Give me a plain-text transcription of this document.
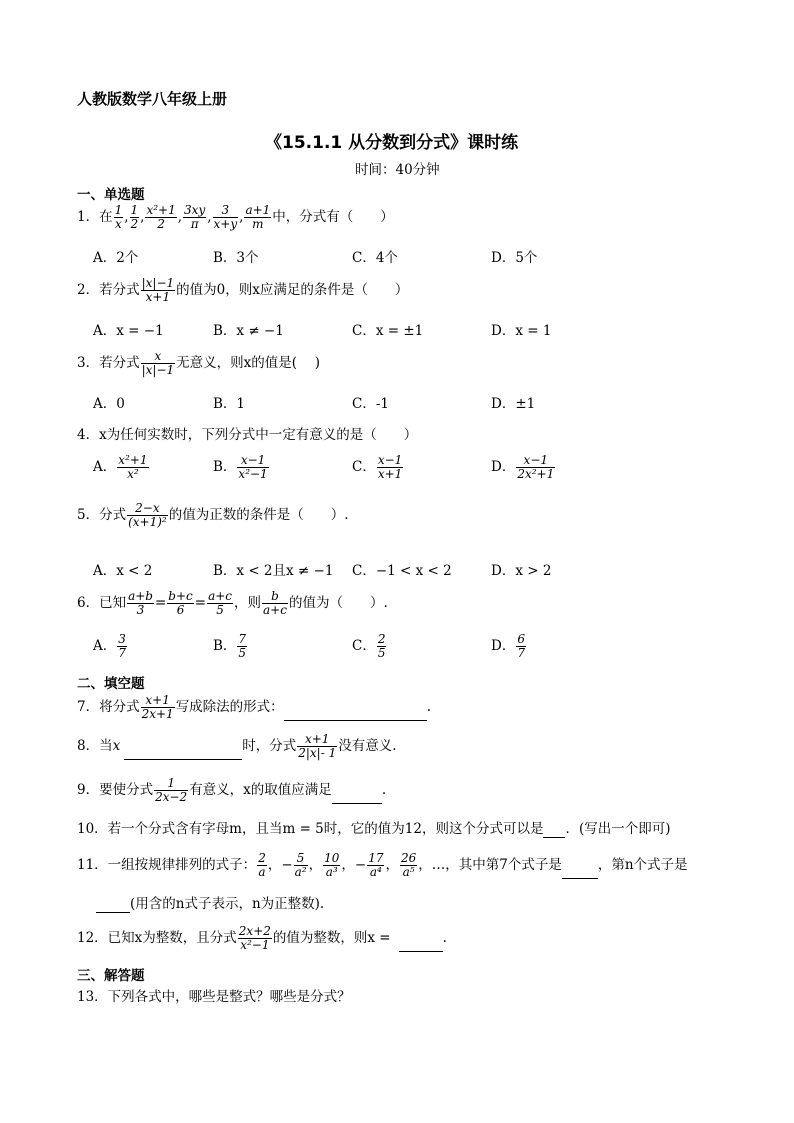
人教版数学八年级上册
《15.1.1 从分数到分式》课时练
时间：40分钟
一、单选题
1．在 $\frac{1}{x}$ , $\frac{1}{2}$ , $\frac{\text{x²+1}}{2}$ , $\frac{3xy}{\pi}$ , $\frac{3}{x+y}$ , $\frac{a+1}{m}$ 中，分式有（　　）
A．2个	B．3个	C．4个	D．5个
2．若分式 $\frac{|x|-1}{x+1}$ 的值为0，则x应满足的条件是（　　）
A．x = −1	B．x ≠ −1	C．x = ±1	D．x = 1
3．若分式 $\frac{x}{|x|-1}$ 无意义，则x的值是(　 )
A．0	B．1	C．-1	D．±1
4．x为任何实数时，下列分式中一定有意义的是（　　）
A． $\frac{\text{x²+1}}{\text{x²}}$	B． $\frac{x-1}{\text{x²−1}}$	C． $\frac{x-1}{x+1}$	D． $\frac{x-1}{\text{2x²+1}}$
5．分式 $\frac{2-x}{\text{(x+1)²}}$ 的值为正数的条件是（　　）.
A．x < 2	B．x < 2且x ≠ −1 C．−1 < x < 2	D．x > 2
6．已知 $\frac{a+b}{3} = \frac{b+c}{6} = \frac{a+c}{5}$ ，则 $\frac{b}{a+c}$ 的值为（　　）.
A． $\frac{3}{7}$	B． $\frac{7}{5}$	C． $\frac{2}{5}$	D． $\frac{6}{7}$
二、填空题
7．将分式 $\frac{x+1}{2x+1}$ 写成除法的形式：	.
8．当x	时，分式 $\frac{x+1}{2|x|- 1}$ 没有意义.
9．要使分式 $\frac{1}{2x-2}$ 有意义，x的取值应满足	.
10．若一个分式含有字母m，且当m = 5时，它的值为12，则这个分式可以是 ．(写出一个即可)
11．一组按规律排列的式子： $\frac{2}{a}$ ，− $\frac{5}{\text{a²}}$ ， $\frac{10}{\text{a³}}$ ，− $\frac{17}{\text{a⁴}}$ ， $\frac{26}{\text{a⁵}}$ ，…，其中第7个式子是	，第n个式子是
(用含的n式子表示，n为正整数).
12．已知x为整数，且分式 $\frac{2x+2}{\text{x²−1}}$ 的值为整数，则x =	.
三、解答题
13．下列各式中，哪些是整式？哪些是分式？
